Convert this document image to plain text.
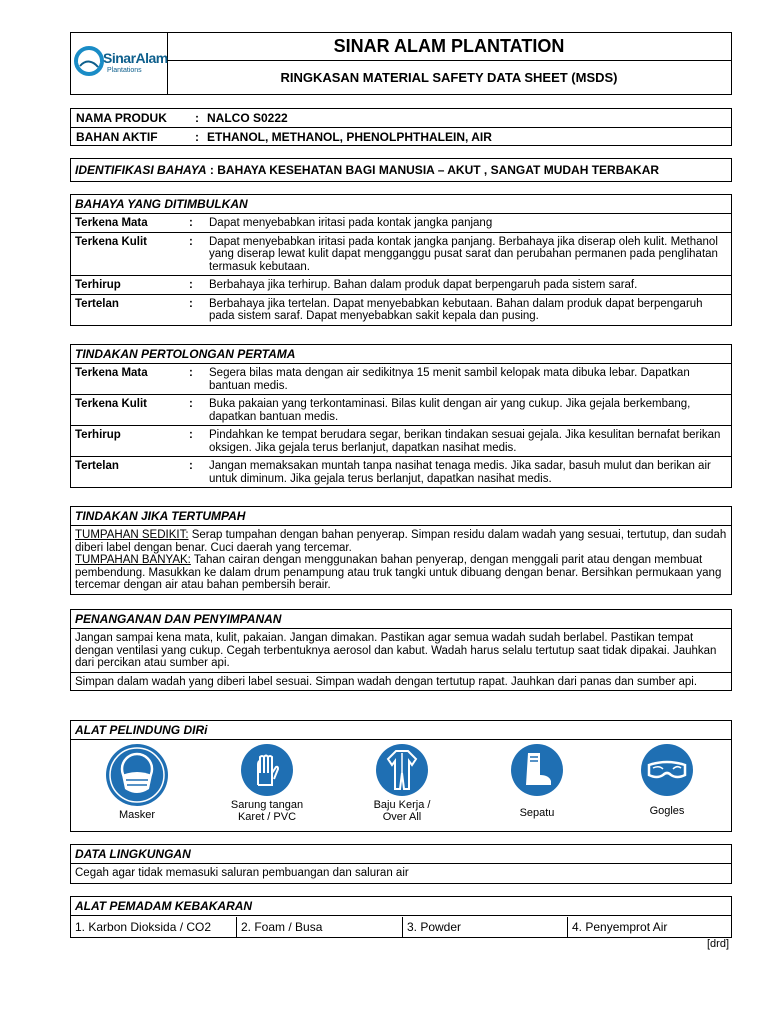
SinarAlam
Plantations
SINAR ALAM PLANTATION
RINGKASAN MATERIAL SAFETY DATA SHEET (MSDS)
NAMA PRODUK : NALCO S0222
BAHAN AKTIF	: ETHANOL, METHANOL, PHENOLPHTHALEIN, AIR
IDENTIFIKASI BAHAYA : BAHAYA KESEHATAN BAGI MANUSIA – AKUT , SANGAT MUDAH TERBAKAR
BAHAYA YANG DITIMBULKAN
Terkena Mata	: Dapat menyebabkan iritasi pada kontak jangka panjang
Terkena Kulit	: Dapat menyebabkan iritasi pada kontak jangka panjang. Berbahaya jika diserap oleh kulit. Methanol yang diserap lewat kulit dapat mengganggu pusat sarat dan perubahan permanen pada penglihatan termasuk kebutaan.
Terhirup	: Berbahaya jika terhirup. Bahan dalam produk dapat berpengaruh pada sistem saraf.
Tertelan	: Berbahaya jika tertelan. Dapat menyebabkan kebutaan. Bahan dalam produk dapat berpengaruh pada sistem saraf. Dapat menyebabkan sakit kepala dan pusing.
TINDAKAN PERTOLONGAN PERTAMA
Terkena Mata	: Segera bilas mata dengan air sedikitnya 15 menit sambil kelopak mata dibuka lebar. Dapatkan bantuan medis.
Terkena Kulit	: Buka pakaian yang terkontaminasi. Bilas kulit dengan air yang cukup. Jika gejala berkembang, dapatkan bantuan medis.
Terhirup	: Pindahkan ke tempat berudara segar, berikan tindakan sesuai gejala. Jika kesulitan bernafat berikan oksigen. Jika gejala terus berlanjut, dapatkan nasihat medis.
Tertelan	: Jangan memaksakan muntah tanpa nasihat tenaga medis. Jika sadar, basuh mulut dan berikan air untuk diminum. Jika gejala terus berlanjut, dapatkan nasihat medis.
TINDAKAN JIKA TERTUMPAH
TUMPAHAN SEDIKIT: Serap tumpahan dengan bahan penyerap. Simpan residu dalam wadah yang sesuai, tertutup, dan sudah diberi label dengan benar. Cuci daerah yang tercemar.
TUMPAHAN BANYAK: Tahan cairan dengan menggunakan bahan penyerap, dengan menggali parit atau dengan membuat pembendung. Masukkan ke dalam drum penampung atau truk tangki untuk dibuang dengan benar. Bersihkan permukaan yang tercemar dengan air atau bahan pembersih berair.
PENANGANAN DAN PENYIMPANAN
Jangan sampai kena mata, kulit, pakaian. Jangan dimakan. Pastikan agar semua wadah sudah berlabel. Pastikan tempat dengan ventilasi yang cukup. Cegah terbentuknya aerosol dan kabut. Wadah harus selalu tertutup saat tidak dipakai. Jauhkan dari percikan atau sumber api.
Simpan dalam wadah yang diberi label sesuai. Simpan wadah dengan tertutup rapat. Jauhkan dari panas dan sumber api.
ALAT PELINDUNG DIRi
Masker
Sarung tangan
Karet / PVC
Baju Kerja /
Over All	Sepatu	Gogles
DATA LINGKUNGAN
Cegah agar tidak memasuki saluran pembuangan dan saluran air
ALAT PEMADAM KEBAKARAN
1. Karbon Dioksida / CO2	2. Foam / Busa	3. Powder	4. Penyemprot Air
[drd]
